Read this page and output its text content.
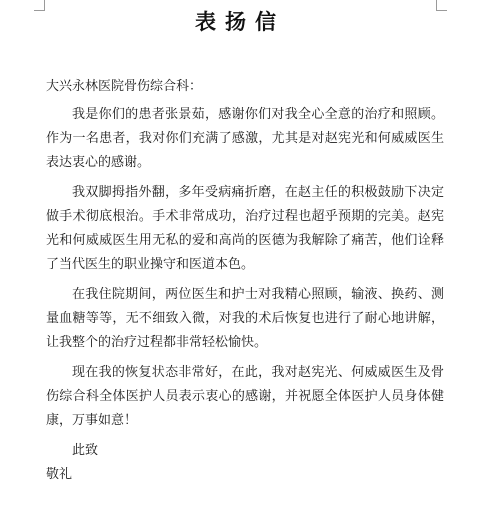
表扬信

大兴永林医院骨伤综合科：

我是你们的患者张景茹，感谢你们对我全心全意的治疗和照顾。作为一名患者，我对你们充满了感激，尤其是对赵宪光和何威威医生表达衷心的感谢。

我双脚拇指外翻，多年受病痛折磨，在赵主任的积极鼓励下决定做手术彻底根治。手术非常成功，治疗过程也超乎预期的完美。赵宪光和何威威医生用无私的爱和高尚的医德为我解除了痛苦，他们诠释了当代医生的职业操守和医道本色。

在我住院期间，两位医生和护士对我精心照顾，输液、换药、测量血糖等等，无不细致入微，对我的术后恢复也进行了耐心地讲解，让我整个的治疗过程都非常轻松愉快。

现在我的恢复状态非常好，在此，我对赵宪光、何威威医生及骨伤综合科全体医护人员表示衷心的感谢，并祝愿全体医护人员身体健康，万事如意！

此致

敬礼
